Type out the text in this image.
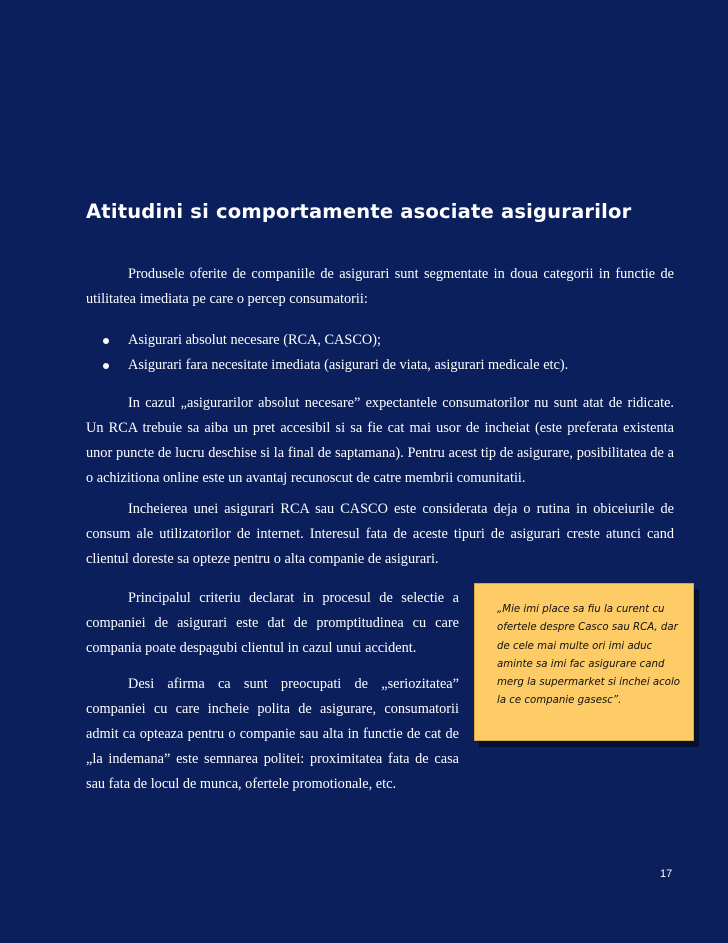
Atitudini si comportamente asociate asigurarilor

Produsele oferite de companiile de asigurari sunt segmentate in doua categorii in functie de utilitatea imediata pe care o percep consumatorii:

Asigurari absolut necesare (RCA, CASCO);
Asigurari fara necesitate imediata (asigurari de viata, asigurari medicale etc).

In cazul „asigurarilor absolut necesare” expectantele consumatorilor nu sunt atat de ridicate. Un RCA trebuie sa aiba un pret accesibil si sa fie cat mai usor de incheiat (este preferata existenta unor puncte de lucru deschise si la final de saptamana). Pentru acest tip de asigurare, posibilitatea de a o achizitiona online este un avantaj recunoscut de catre membrii comunitatii.

Incheierea unei asigurari RCA sau CASCO este considerata deja o rutina in obiceiurile de consum ale utilizatorilor de internet. Interesul fata de aceste tipuri de asigurari creste atunci cand clientul doreste sa opteze pentru o alta companie de asigurari.

Principalul criteriu declarat in procesul de selectie a companiei de asigurari este dat de promptitudinea cu care compania poate despagubi clientul in cazul unui accident.

Desi afirma ca sunt preocupati de „seriozitatea” companiei cu care incheie polita de asigurare, consumatorii admit ca opteaza pentru o companie sau alta in functie de cat de „la indemana” este semnarea politei: proximitatea fata de casa sau fata de locul de munca, ofertele promotionale, etc.

„Mie imi place sa fiu la curent cu ofertele despre Casco sau RCA, dar de cele mai multe ori imi aduc aminte sa imi fac asigurare cand merg la supermarket si inchei acolo la ce companie gasesc”.

17
